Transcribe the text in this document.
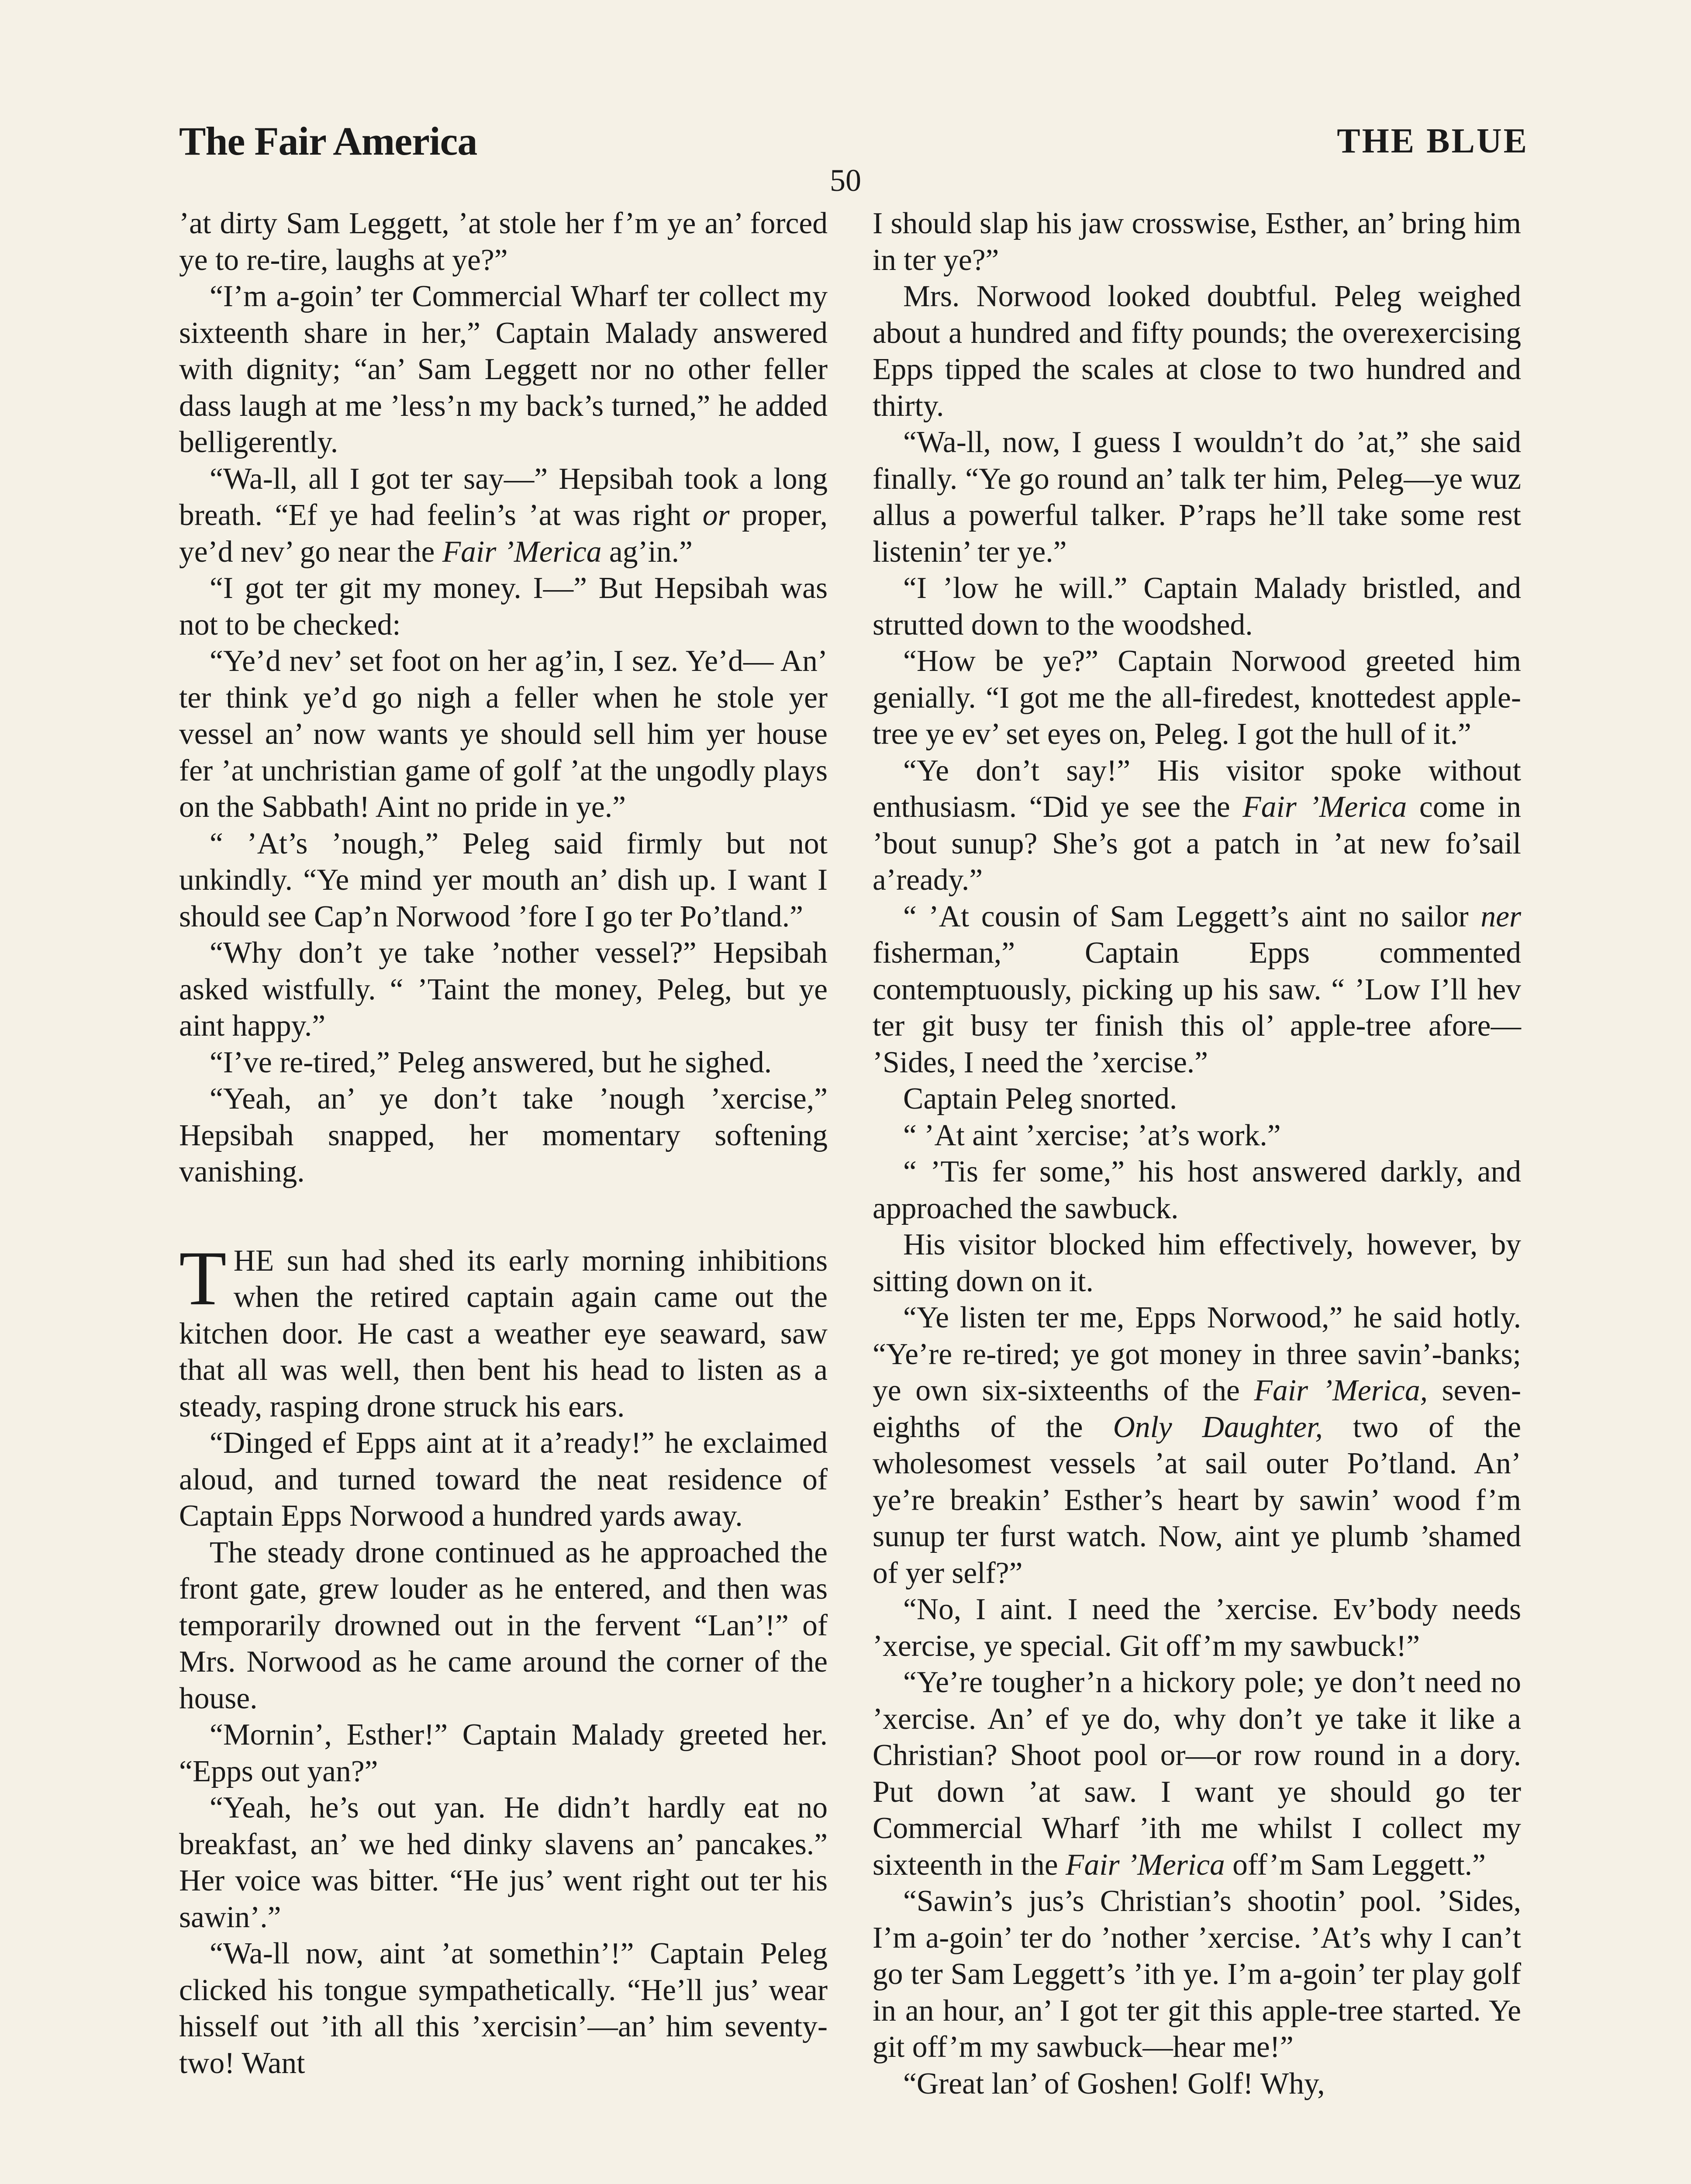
The Fair America	THE BLUE
50

’at dirty Sam Leggett, ’at stole her f’m ye an’ forced ye to re-tire, laughs at ye?”

“I’m a-goin’ ter Commercial Wharf ter collect my sixteenth share in her,” Captain Malady answered with dignity; “an’ Sam Leggett nor no other feller dass laugh at me ’less’n my back’s turned,” he added belligerently.

“Wa-ll, all I got ter say—” Hepsibah took a long breath. “Ef ye had feelin’s ’at was right or proper, ye’d nev’ go near the Fair ’Merica ag’in.”

“I got ter git my money. I—” But Hepsibah was not to be checked:

“Ye’d nev’ set foot on her ag’in, I sez. Ye’d— An’ ter think ye’d go nigh a feller when he stole yer vessel an’ now wants ye should sell him yer house fer ’at unchristian game of golf ’at the ungodly plays on the Sabbath! Aint no pride in ye.”

“ ’At’s ’nough,” Peleg said firmly but not unkindly. “Ye mind yer mouth an’ dish up. I want I should see Cap’n Norwood ’fore I go ter Po’tland.”

“Why don’t ye take ’nother vessel?” Hepsibah asked wistfully. “ ’Taint the money, Peleg, but ye aint happy.”

“I’ve re-tired,” Peleg answered, but he sighed.

“Yeah, an’ ye don’t take ’nough ’xercise,” Hepsibah snapped, her momentary softening vanishing.

THE sun had shed its early morning inhibitions when the retired captain again came out the kitchen door. He cast a weather eye seaward, saw that all was well, then bent his head to listen as a steady, rasping drone struck his ears.

“Dinged ef Epps aint at it a’ready!” he exclaimed aloud, and turned toward the neat residence of Captain Epps Norwood a hundred yards away.

The steady drone continued as he approached the front gate, grew louder as he entered, and then was temporarily drowned out in the fervent “Lan’!” of Mrs. Norwood as he came around the corner of the house.

“Mornin’, Esther!” Captain Malady greeted her. “Epps out yan?”

“Yeah, he’s out yan. He didn’t hardly eat no breakfast, an’ we hed dinky slavens an’ pancakes.” Her voice was bitter. “He jus’ went right out ter his sawin’.”

“Wa-ll now, aint ’at somethin’!” Captain Peleg clicked his tongue sympathetically. “He’ll jus’ wear hisself out ’ith all this ’xercisin’—an’ him seventy-two! Want

I should slap his jaw crosswise, Esther, an’ bring him in ter ye?”

Mrs. Norwood looked doubtful. Peleg weighed about a hundred and fifty pounds; the overexercising Epps tipped the scales at close to two hundred and thirty.

“Wa-ll, now, I guess I wouldn’t do ’at,” she said finally. “Ye go round an’ talk ter him, Peleg—ye wuz allus a powerful talker. P’raps he’ll take some rest listenin’ ter ye.”

“I ’low he will.” Captain Malady bristled, and strutted down to the woodshed.

“How be ye?” Captain Norwood greeted him genially. “I got me the all-firedest, knottedest apple-tree ye ev’ set eyes on, Peleg. I got the hull of it.”

“Ye don’t say!” His visitor spoke without enthusiasm. “Did ye see the Fair ’Merica come in ’bout sunup? She’s got a patch in ’at new fo’sail a’ready.”

“ ’At cousin of Sam Leggett’s aint no sailor ner fisherman,” Captain Epps commented contemptuously, picking up his saw. “ ’Low I’ll hev ter git busy ter finish this ol’ apple-tree afore— ’Sides, I need the ’xercise.”

Captain Peleg snorted.

“ ’At aint ’xercise; ’at’s work.”

“ ’Tis fer some,” his host answered darkly, and approached the sawbuck.

His visitor blocked him effectively, however, by sitting down on it.

“Ye listen ter me, Epps Norwood,” he said hotly. “Ye’re re-tired; ye got money in three savin’-banks; ye own six-sixteenths of the Fair ’Merica, seven-eighths of the Only Daughter, two of the wholesomest vessels ’at sail outer Po’tland. An’ ye’re breakin’ Esther’s heart by sawin’ wood f’m sunup ter furst watch. Now, aint ye plumb ’shamed of yer self?”

“No, I aint. I need the ’xercise. Ev’body needs ’xercise, ye special. Git off’m my sawbuck!”

“Ye’re tougher’n a hickory pole; ye don’t need no ’xercise. An’ ef ye do, why don’t ye take it like a Christian? Shoot pool or—or row round in a dory. Put down ’at saw. I want ye should go ter Commercial Wharf ’ith me whilst I collect my sixteenth in the Fair ’Merica off’m Sam Leggett.”

“Sawin’s jus’s Christian’s shootin’ pool. ’Sides, I’m a-goin’ ter do ’nother ’xercise. ’At’s why I can’t go ter Sam Leggett’s ’ith ye. I’m a-goin’ ter play golf in an hour, an’ I got ter git this apple-tree started. Ye git off’m my sawbuck—hear me!”

“Great lan’ of Goshen! Golf! Why,
